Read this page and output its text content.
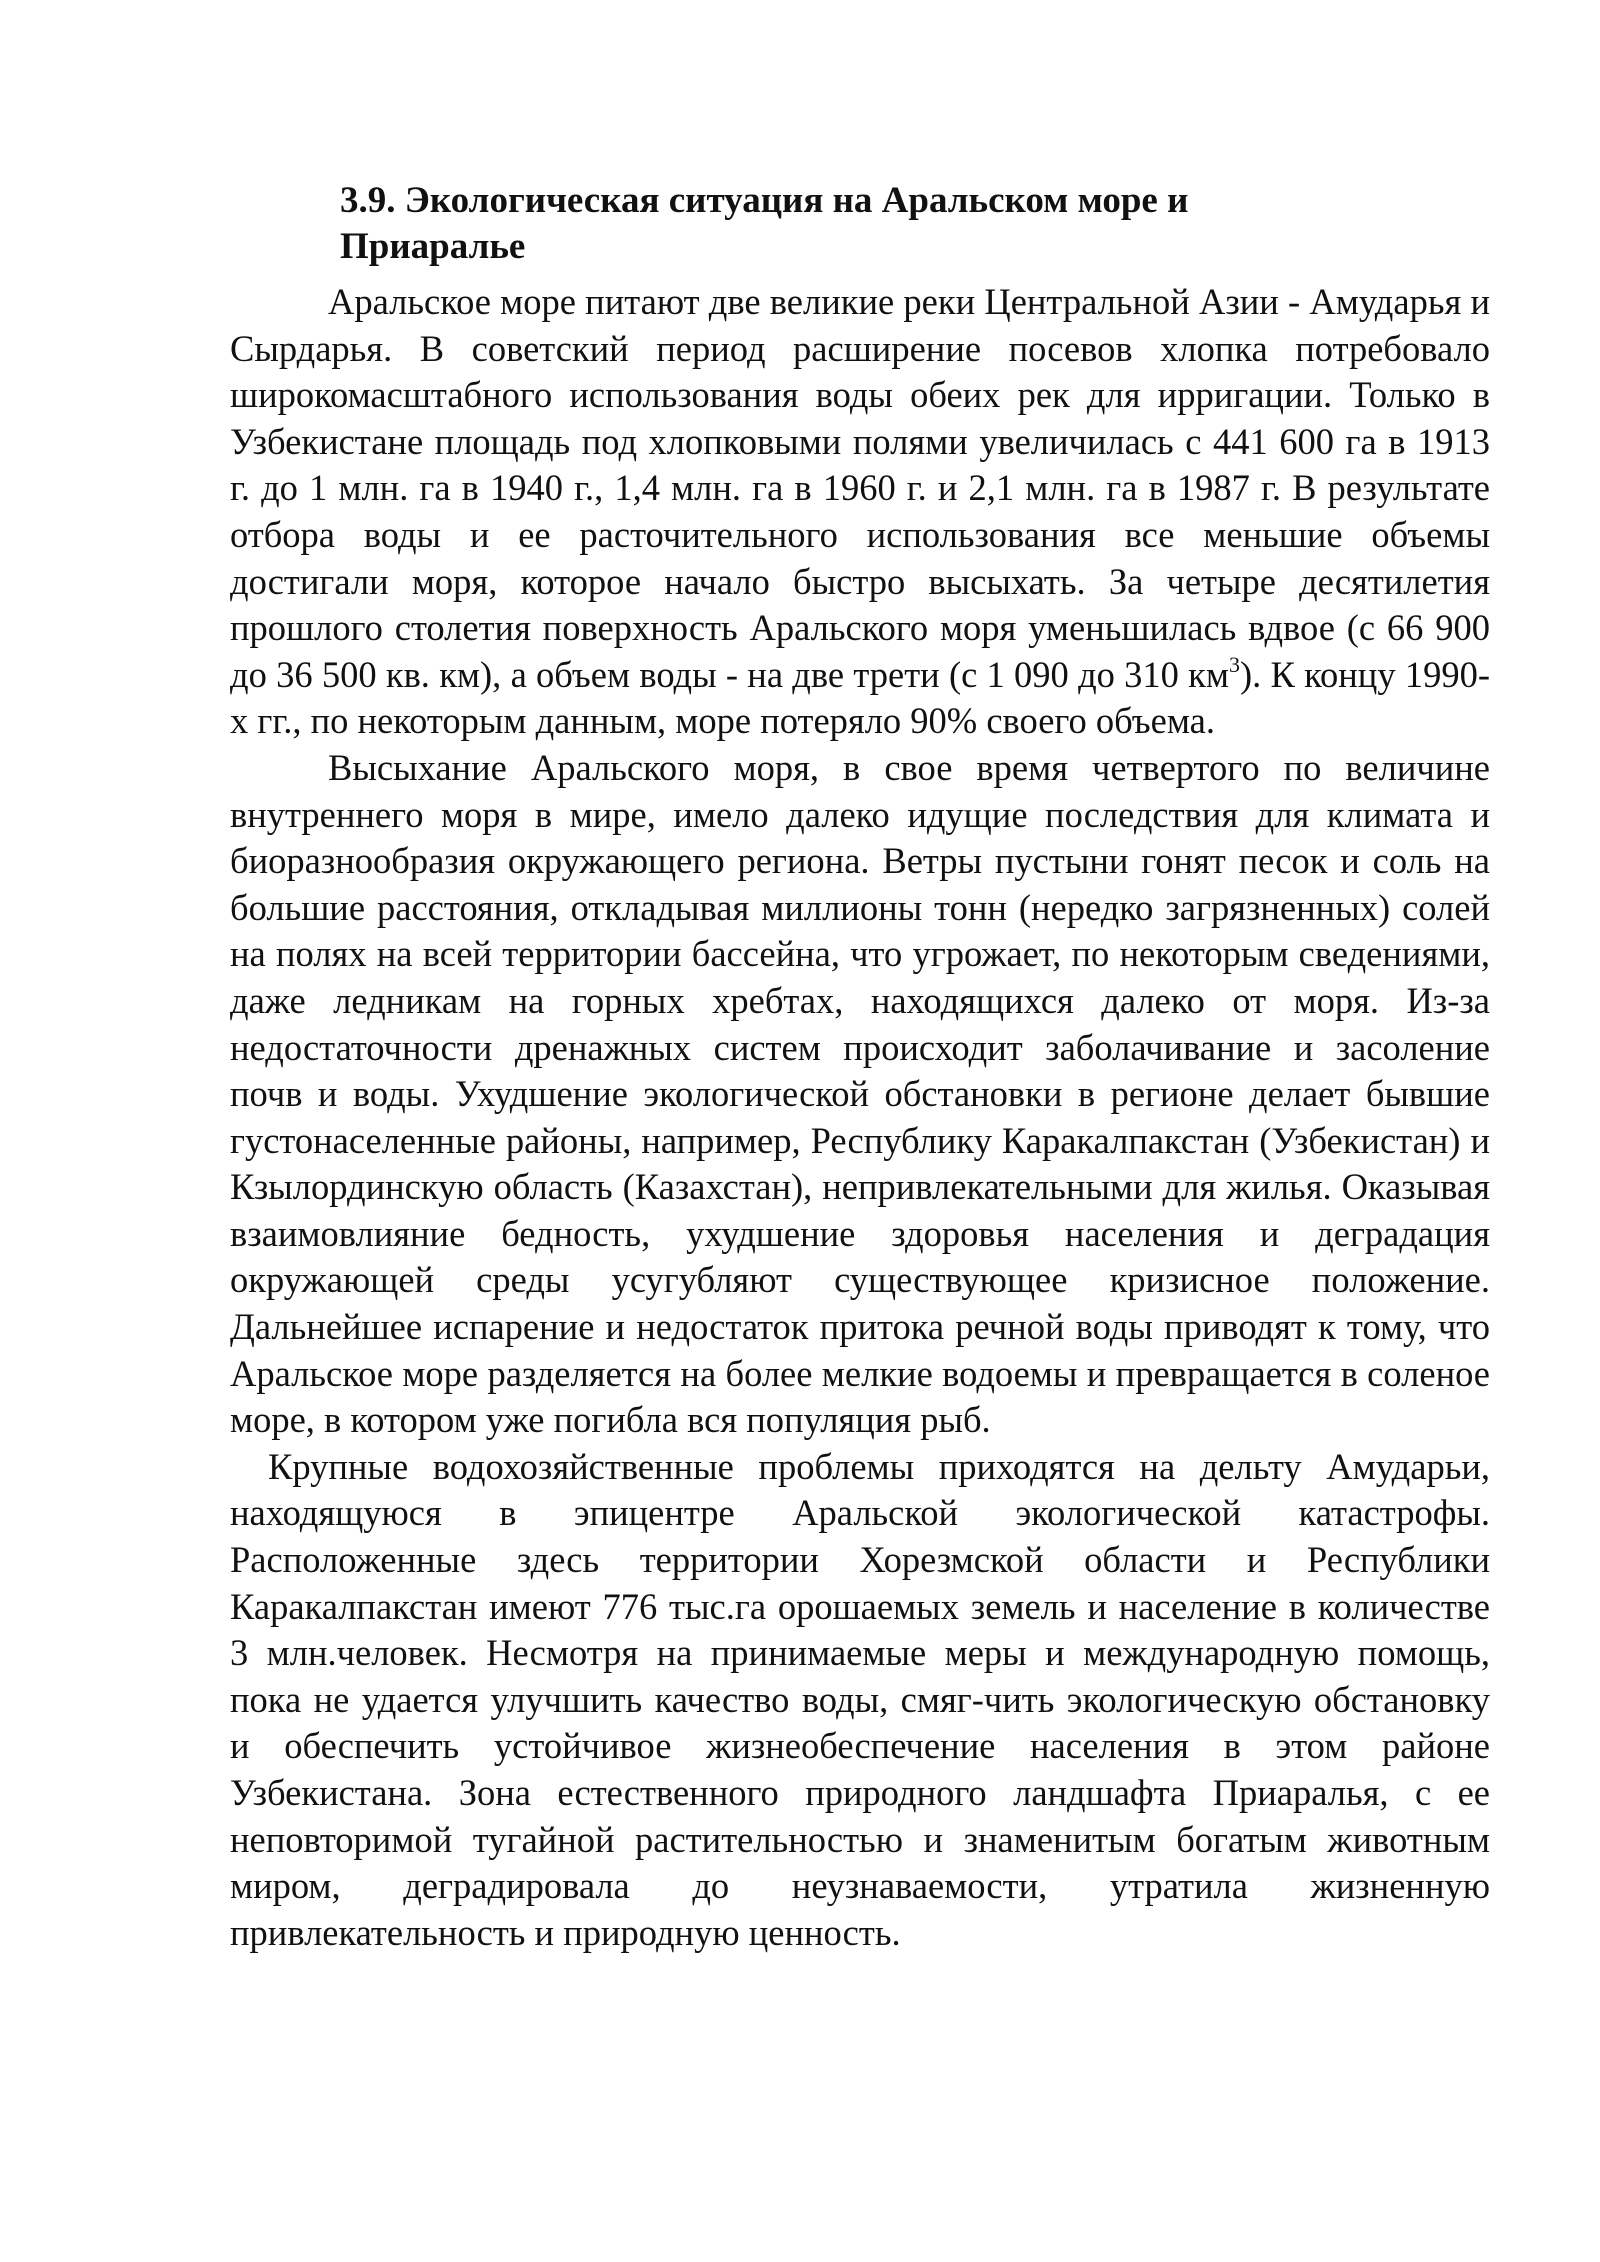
3.9. Экологическая ситуация на Аральском море и
Приаралье

Аральское море питают две великие реки Центральной Азии - Амударья и Сырдарья. В советский период расширение посевов хлопка потребовало широкомасштабного использования воды обеих рек для ирригации. Только в Узбекистане площадь под хлопковыми полями увеличилась с 441 600 га в 1913 г. до 1 млн. га в 1940 г., 1,4 млн. га в 1960 г. и 2,1 млн. га в 1987 г. В результате отбора воды и ее расточительного использования все меньшие объемы достигали моря, которое начало быстро высыхать. За четыре десятилетия прошлого столетия поверхность Аральского моря уменьшилась вдвое (с 66 900 до 36 500 кв. км), а объем воды - на две трети (с 1 090 до 310 $км^3$). К концу 1990-х гг., по некоторым данным, море потеряло 90% своего объема.

Высыхание Аральского моря, в свое время четвертого по величине внутреннего моря в мире, имело далеко идущие последствия для климата и биоразнообразия окружающего региона. Ветры пустыни гонят песок и соль на большие расстояния, откладывая миллионы тонн (нередко загрязненных) солей на полях на всей территории бассейна, что угрожает, по некоторым сведениями, даже ледникам на горных хребтах, находящихся далеко от моря. Из-за недостаточности дренажных систем происходит заболачивание и засоление почв и воды. Ухудшение экологической обстановки в регионе делает бывшие густонаселенные районы, например, Республику Каракалпакстан (Узбекистан) и Кзылординскую область (Казахстан), непривлекательными для жилья. Оказывая взаимовлияние бедность, ухудшение здоровья населения и деградация окружающей среды усугубляют существующее кризисное положение. Дальнейшее испарение и недостаток притока речной воды приводят к тому, что Аральское море разделяется на более мелкие водоемы и превращается в соленое море, в котором уже погибла вся популяция рыб.

Крупные водохозяйственные проблемы приходятся на дельту Амударьи, находящуюся в эпицентре Аральской экологической катастрофы. Расположенные здесь территории Хорезмской области и Республики Каракалпакстан имеют 776 тыс.га орошаемых земель и население в количестве 3 млн.человек. Несмотря на принимаемые меры и международную помощь, пока не удается улучшить качество воды, смяг-чить экологическую обстановку и обеспечить устойчивое жизнеобеспечение населения в этом районе Узбекистана. Зона естественного природного ландшафта Приаралья, с ее неповторимой тугайной растительностью и знаменитым богатым животным миром, деградировала до неузнаваемости, утратила жизненную привлекательность и природную ценность.
